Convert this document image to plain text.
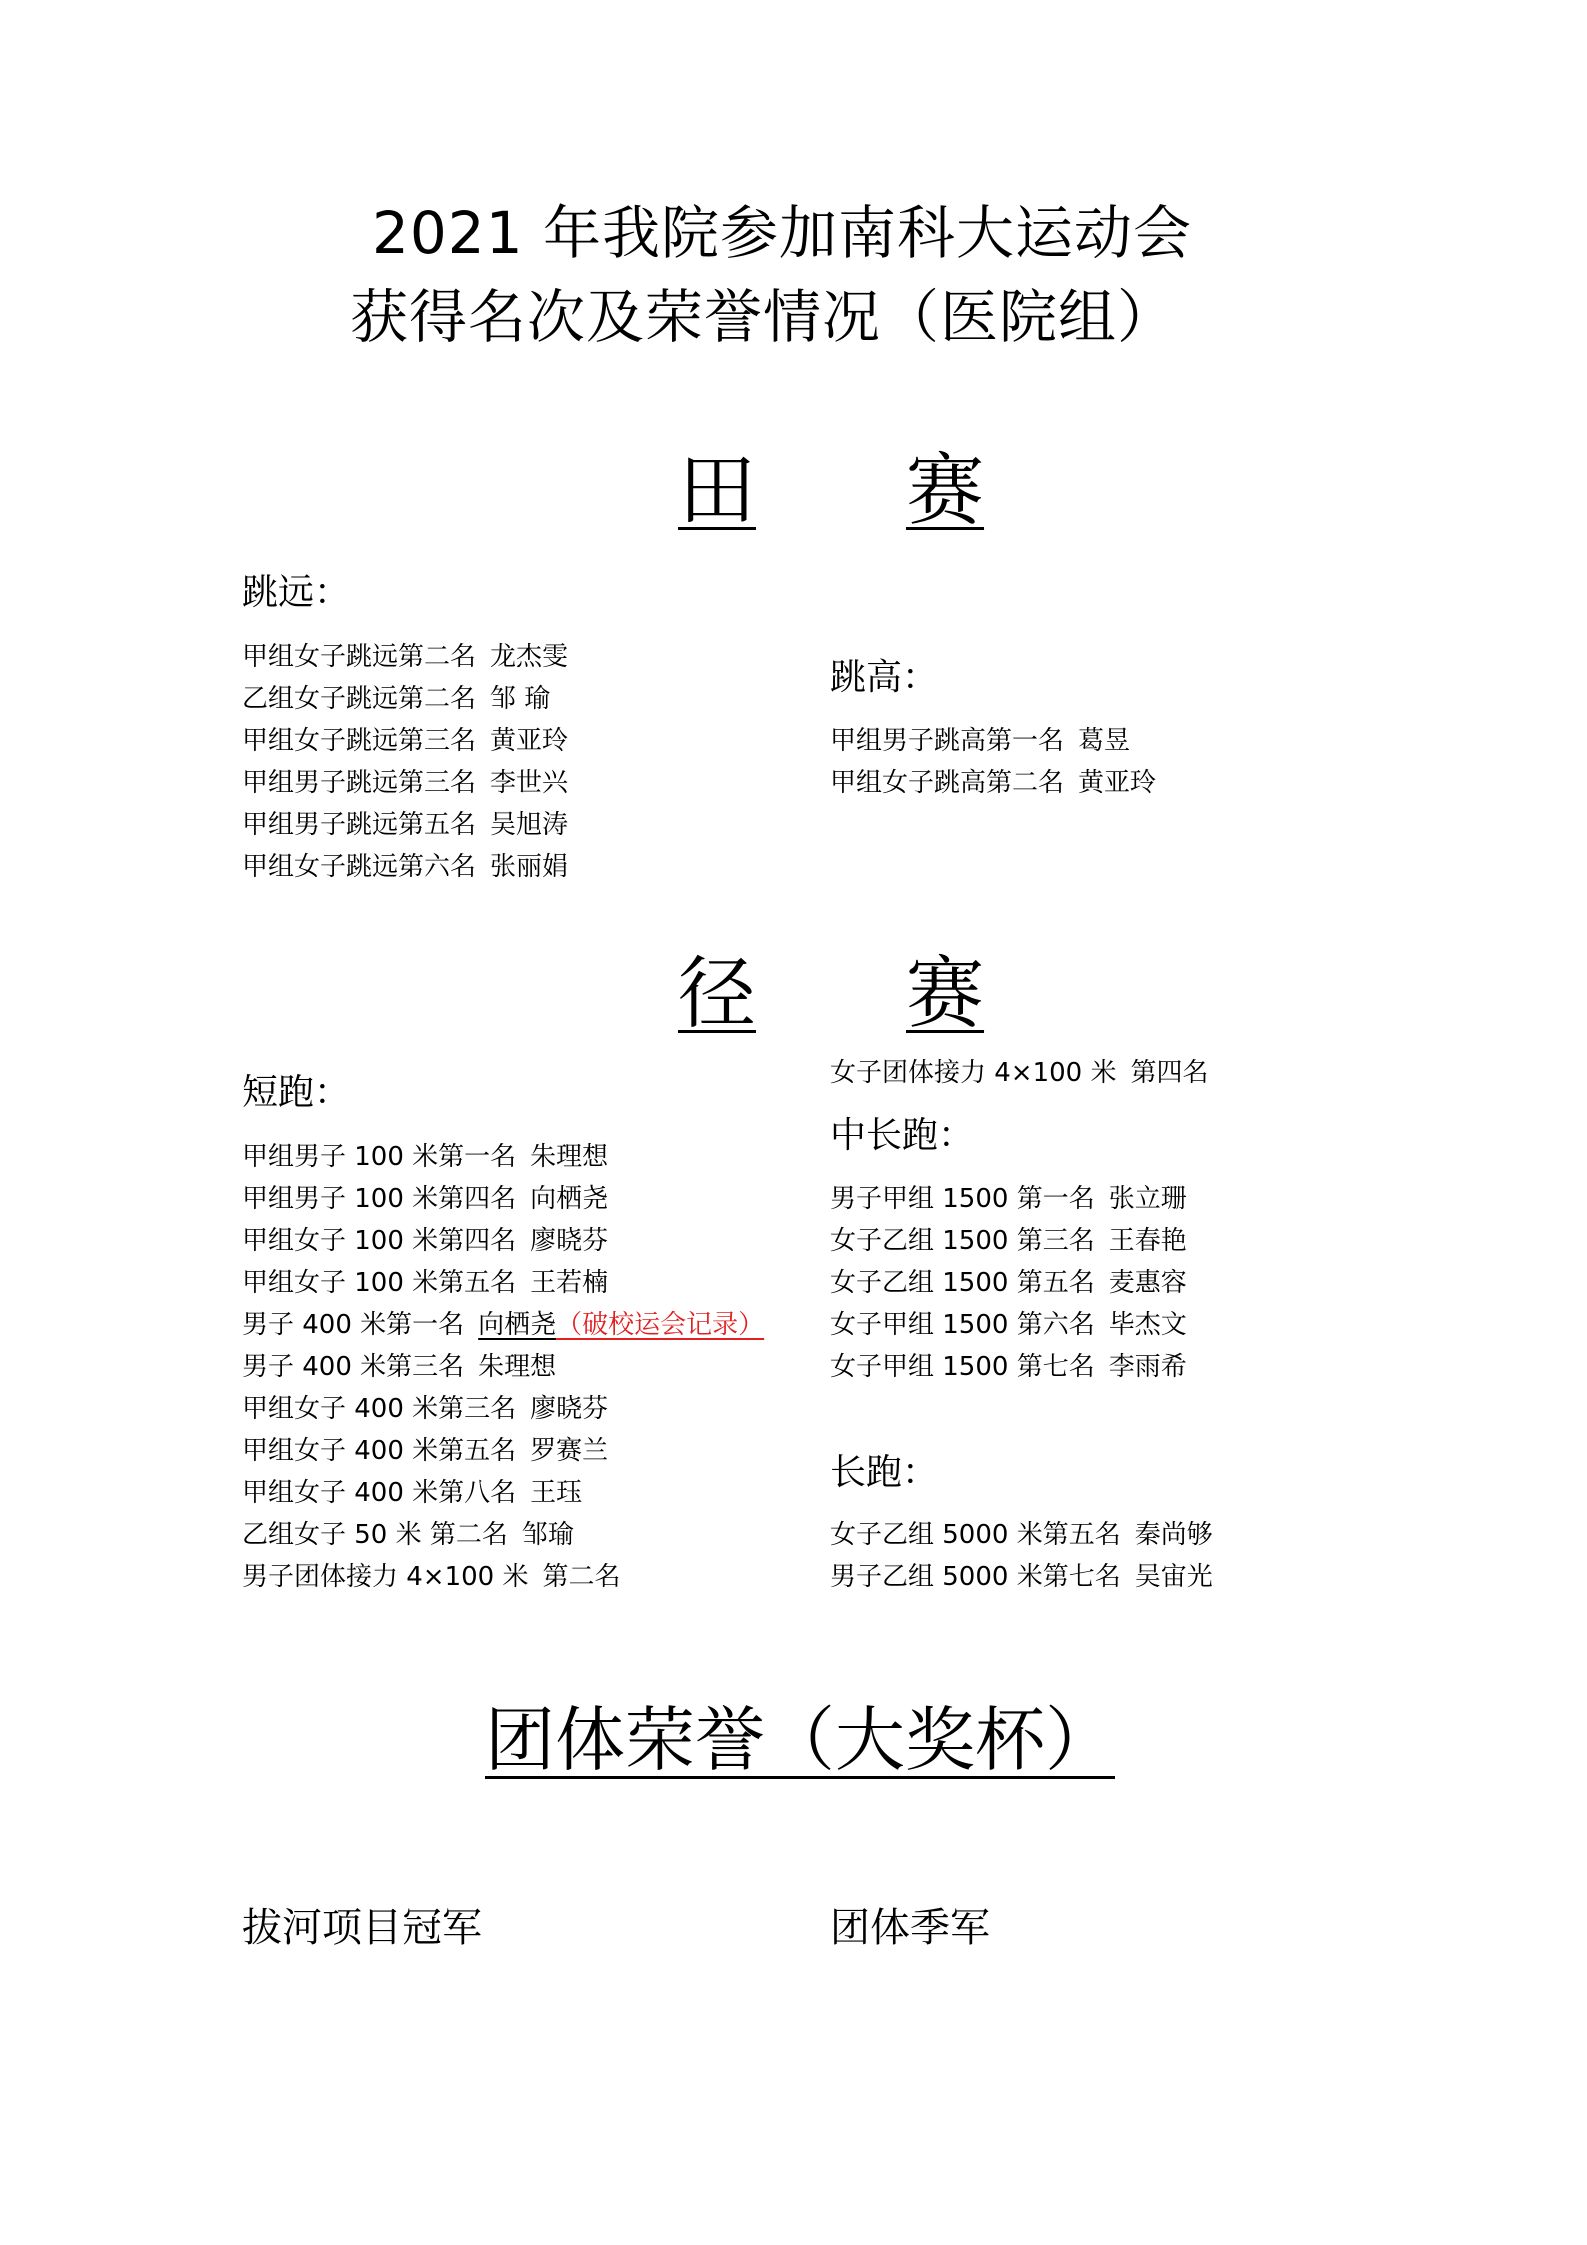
2021 年我院参加南科大运动会
获得名次及荣誉情况（医院组）
田 赛
跳远：
甲组女子跳远第二名 龙杰雯
乙组女子跳远第二名 邹 瑜
甲组女子跳远第三名 黄亚玲
甲组男子跳远第三名 李世兴
甲组男子跳远第五名 吴旭涛
甲组女子跳远第六名 张丽娟
跳高：
甲组男子跳高第一名 葛昱
甲组女子跳高第二名 黄亚玲
径 赛
女子团体接力 4×100 米 第四名
短跑：
甲组男子 100 米第一名 朱理想
甲组男子 100 米第四名 向栖尧
甲组女子 100 米第四名 廖晓芬
甲组女子 100 米第五名 王若楠
男子 400 米第一名 向栖尧（破校运会记录）
男子 400 米第三名 朱理想
甲组女子 400 米第三名 廖晓芬
甲组女子 400 米第五名 罗赛兰
甲组女子 400 米第八名 王珏
乙组女子 50 米 第二名 邹瑜
男子团体接力 4×100 米 第二名
中长跑：
男子甲组 1500 第一名 张立珊
女子乙组 1500 第三名 王春艳
女子乙组 1500 第五名 麦惠容
女子甲组 1500 第六名 毕杰文
女子甲组 1500 第七名 李雨希
长跑：
女子乙组 5000 米第五名 秦尚够
男子乙组 5000 米第七名 吴宙光
团体荣誉（大奖杯）
拔河项目冠军	团体季军
